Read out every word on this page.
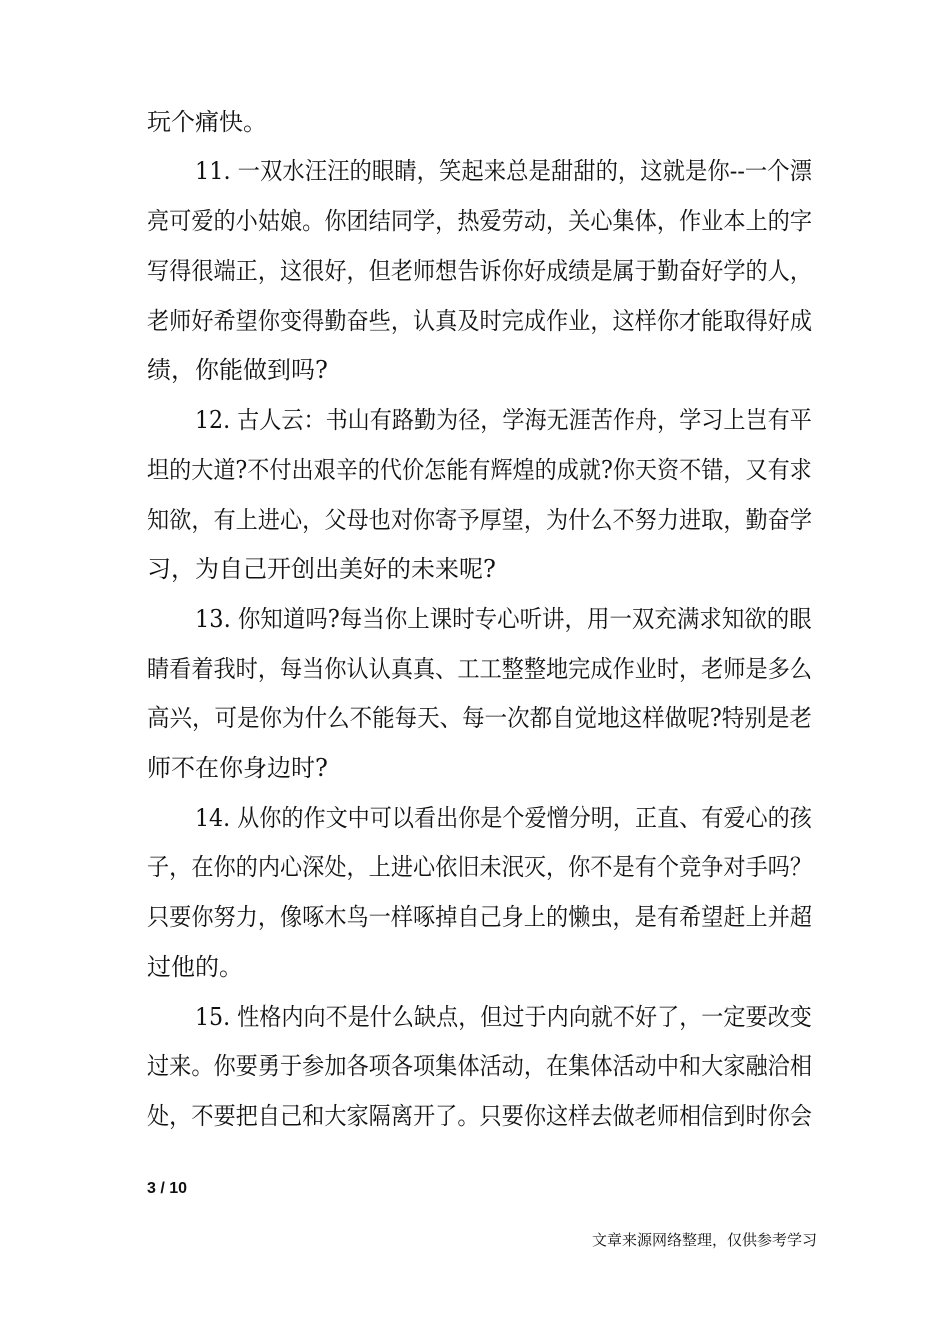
玩个痛快。
11. 一双水汪汪的眼睛，笑起来总是甜甜的，这就是你--一个漂
亮可爱的小姑娘。你团结同学，热爱劳动，关心集体，作业本上的字
写得很端正，这很好，但老师想告诉你好成绩是属于勤奋好学的人，
老师好希望你变得勤奋些，认真及时完成作业，这样你才能取得好成
绩，你能做到吗?
12. 古人云：书山有路勤为径，学海无涯苦作舟，学习上岂有平
坦的大道?不付出艰辛的代价怎能有辉煌的成就?你天资不错，又有求
知欲，有上进心，父母也对你寄予厚望，为什么不努力进取，勤奋学
习，为自己开创出美好的未来呢?
13. 你知道吗?每当你上课时专心听讲，用一双充满求知欲的眼
睛看着我时，每当你认认真真、工工整整地完成作业时，老师是多么
高兴，可是你为什么不能每天、每一次都自觉地这样做呢?特别是老
师不在你身边时?
14. 从你的作文中可以看出你是个爱憎分明，正直、有爱心的孩
子，在你的内心深处，上进心依旧未泯灭，你不是有个竞争对手吗？
只要你努力，像啄木鸟一样啄掉自己身上的懒虫，是有希望赶上并超
过他的。
15. 性格内向不是什么缺点，但过于内向就不好了，一定要改变
过来。你要勇于参加各项各项集体活动，在集体活动中和大家融洽相
处，不要把自己和大家隔离开了。只要你这样去做老师相信到时你会
3 / 10
文章来源网络整理，仅供参考学习
